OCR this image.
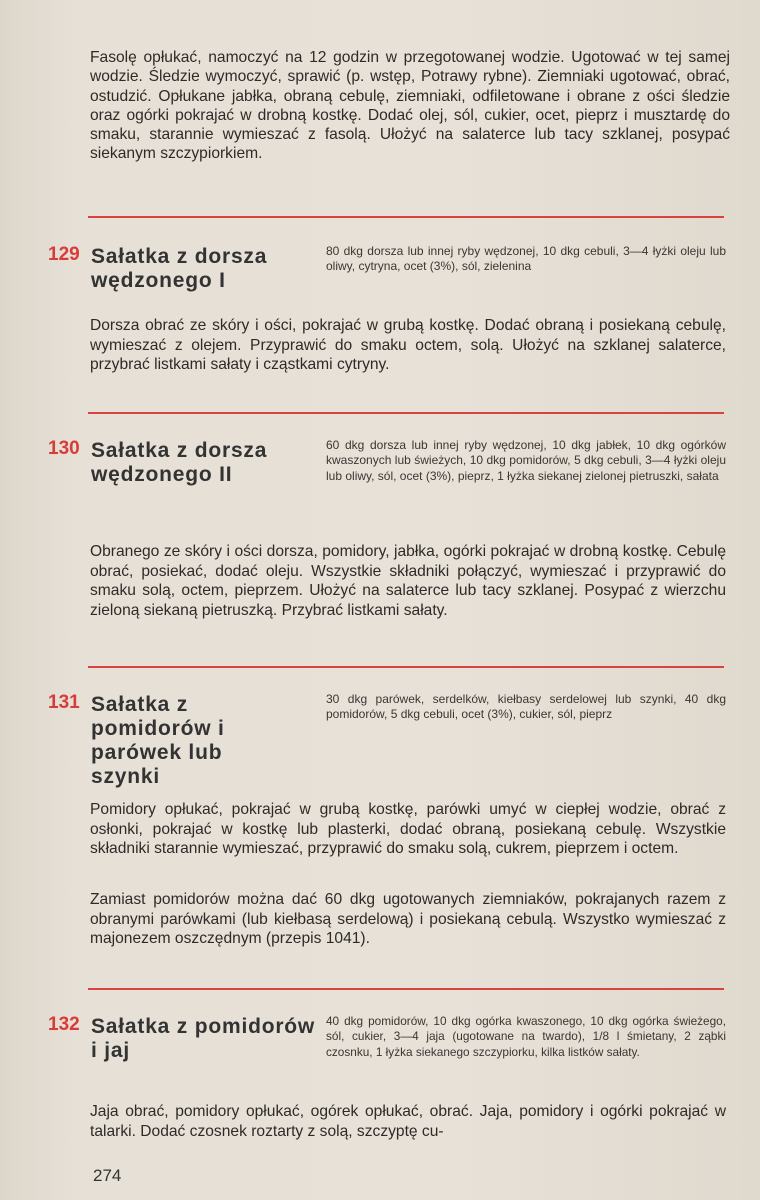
Fasolę opłukać, namoczyć na 12 godzin w przegotowanej wodzie. Ugotować w tej samej wodzie. Śledzie wymoczyć, sprawić (p. wstęp, Potrawy rybne). Ziemniaki ugotować, obrać, ostudzić. Opłukane jabłka, obraną cebulę, ziemniaki, odfiletowane i obrane z ości śledzie oraz ogórki pokrajać w drobną kostkę. Dodać olej, sól, cukier, ocet, pieprz i musztardę do smaku, starannie wymieszać z fasolą. Ułożyć na salaterce lub tacy szklanej, posypać siekanym szczypiorkiem.
129 Sałatka z dorsza wędzonego I
80 dkg dorsza lub innej ryby wędzonej, 10 dkg cebuli, 3—4 łyżki oleju lub oliwy, cytryna, ocet (3%), sól, zielenina
Dorsza obrać ze skóry i ości, pokrajać w grubą kostkę. Dodać obraną i posiekaną cebulę, wymieszać z olejem. Przyprawić do smaku octem, solą. Ułożyć na szklanej salaterce, przybrać listkami sałaty i cząstkami cytryny.
130 Sałatka z dorsza wędzonego II
60 dkg dorsza lub innej ryby wędzonej, 10 dkg jabłek, 10 dkg ogórków kwaszonych lub świeżych, 10 dkg pomidorów, 5 dkg cebuli, 3—4 łyżki oleju lub oliwy, sól, ocet (3%), pieprz, 1 łyżka siekanej zielonej pietruszki, sałata
Obranego ze skóry i ości dorsza, pomidory, jabłka, ogórki pokrajać w drobną kostkę. Cebulę obrać, posiekać, dodać oleju. Wszystkie składniki połączyć, wymieszać i przyprawić do smaku solą, octem, pieprzem. Ułożyć na salaterce lub tacy szklanej. Posypać z wierzchu zieloną siekaną pietruszką. Przybrać listkami sałaty.
131 Sałatka z pomidorów i parówek lub szynki
30 dkg parówek, serdelków, kiełbasy serdelowej lub szynki, 40 dkg pomidorów, 5 dkg cebuli, ocet (3%), cukier, sól, pieprz
Pomidory opłukać, pokrajać w grubą kostkę, parówki umyć w ciepłej wodzie, obrać z osłonki, pokrajać w kostkę lub plasterki, dodać obraną, posiekaną cebulę. Wszystkie składniki starannie wymieszać, przyprawić do smaku solą, cukrem, pieprzem i octem.
Zamiast pomidorów można dać 60 dkg ugotowanych ziemniaków, pokrajanych razem z obranymi parówkami (lub kiełbasą serdelową) i posiekaną cebulą. Wszystko wymieszać z majonezem oszczędnym (przepis 1041).
132 Sałatka z pomidorów i jaj
40 dkg pomidorów, 10 dkg ogórka kwaszonego, 10 dkg ogórka świeżego, sól, cukier, 3—4 jaja (ugotowane na twardo), 1/8 l śmietany, 2 ząbki czosnku, 1 łyżka siekanego szczypiorku, kilka listków sałaty.
Jaja obrać, pomidory opłukać, ogórek opłukać, obrać. Jaja, pomidory i ogórki pokrajać w talarki. Dodać czosnek roztarty z solą, szczyptę cu-
274
